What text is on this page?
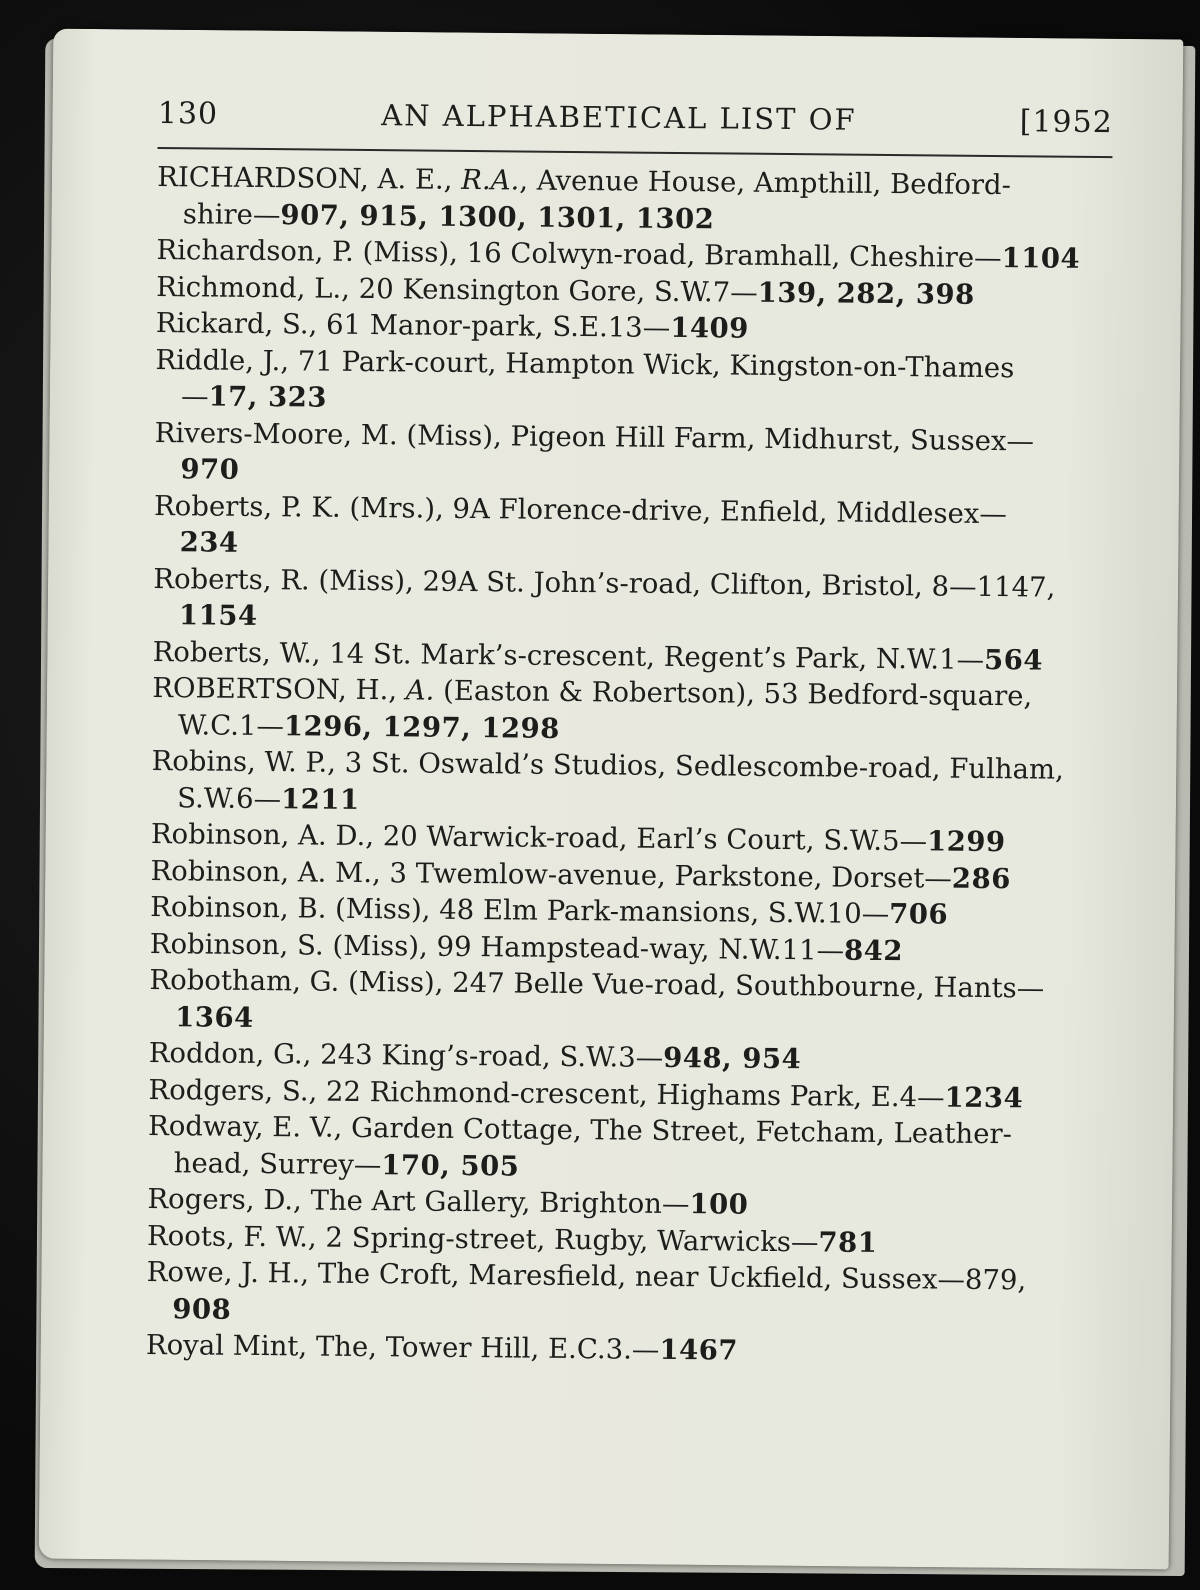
130	AN ALPHABETICAL LIST OF	[1952
RICHARDSON, A. E., R.A., Avenue House, Ampthill, Bedford-
shire—907, 915, 1300, 1301, 1302
Richardson, P. (Miss), 16 Colwyn-road, Bramhall, Cheshire—1104
Richmond, L., 20 Kensington Gore, S.W.7—139, 282, 398
Rickard, S., 61 Manor-park, S.E.13—1409
Riddle, J., 71 Park-court, Hampton Wick, Kingston-on-Thames
—17, 323
Rivers-Moore, M. (Miss), Pigeon Hill Farm, Midhurst, Sussex—
970
Roberts, P. K. (Mrs.), 9A Florence-drive, Enfield, Middlesex—
234
Roberts, R. (Miss), 29A St. John’s-road, Clifton, Bristol, 8—1147,
1154
Roberts, W., 14 St. Mark’s-crescent, Regent’s Park, N.W.1—564
ROBERTSON, H., A. (Easton & Robertson), 53 Bedford-square,
W.C.1—1296, 1297, 1298
Robins, W. P., 3 St. Oswald’s Studios, Sedlescombe-road, Fulham,
S.W.6—1211
Robinson, A. D., 20 Warwick-road, Earl’s Court, S.W.5—1299
Robinson, A. M., 3 Twemlow-avenue, Parkstone, Dorset—286
Robinson, B. (Miss), 48 Elm Park-mansions, S.W.10—706
Robinson, S. (Miss), 99 Hampstead-way, N.W.11—842
Robotham, G. (Miss), 247 Belle Vue-road, Southbourne, Hants—
1364
Roddon, G., 243 King’s-road, S.W.3—948, 954
Rodgers, S., 22 Richmond-crescent, Highams Park, E.4—1234
Rodway, E. V., Garden Cottage, The Street, Fetcham, Leather-
head, Surrey—170, 505
Rogers, D., The Art Gallery, Brighton—100
Roots, F. W., 2 Spring-street, Rugby, Warwicks—781
Rowe, J. H., The Croft, Maresfield, near Uckfield, Sussex—879,
908
Royal Mint, The, Tower Hill, E.C.3.—1467
